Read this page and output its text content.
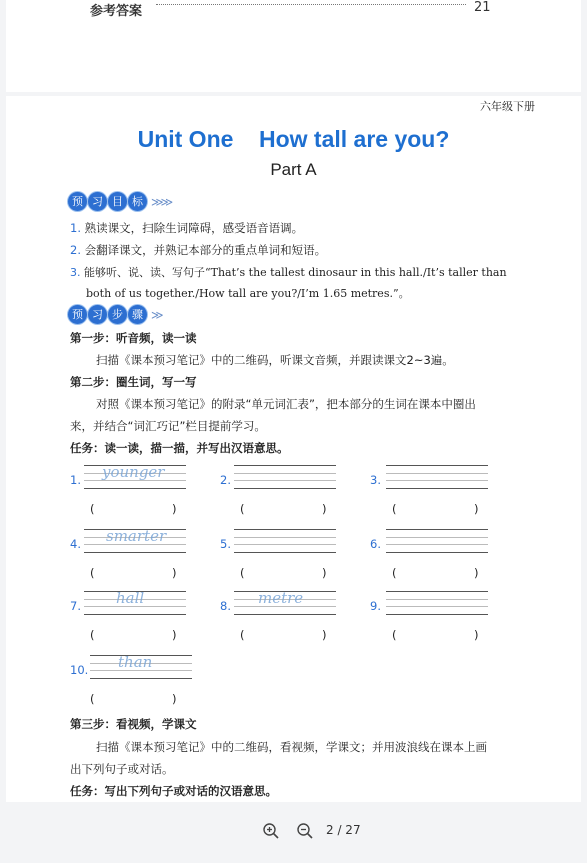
参考答案	21
六年级下册
Unit One    How tall are you?
Part A
预 习 目 标 ≫≫
1. 熟读课文，扫除生词障碍，感受语音语调。
2. 会翻译课文，并熟记本部分的重点单词和短语。
3. 能够听、说、读、写句子“That’s the tallest dinosaur in this hall./It’s taller than
both of us together./How tall are you?/I’m 1.65 metres.”。
预 习 步 骤 ≫
第一步：听音频，读一读
扫描《课本预习笔记》中的二维码，听课文音频，并跟读课文2~3遍。
第二步：圈生词，写一写
对照《课本预习笔记》的附录“单元词汇表”，把本部分的生词在课本中圈出
来，并结合“词汇巧记”栏目提前学习。
任务：读一读，描一描，并写出汉语意思。
1. younger
(	)
2.
(	)
3.
(	)
4. smarter
(	)
5.
(	)
6.
(	)
7. hall
(	)
8. metre
(	)
9.
(	)
10. than
(	)
第三步：看视频，学课文
扫描《课本预习笔记》中的二维码，看视频，学课文；并用波浪线在课本上画
出下列句子或对话。
任务：写出下列句子或对话的汉语意思。
2 / 27
